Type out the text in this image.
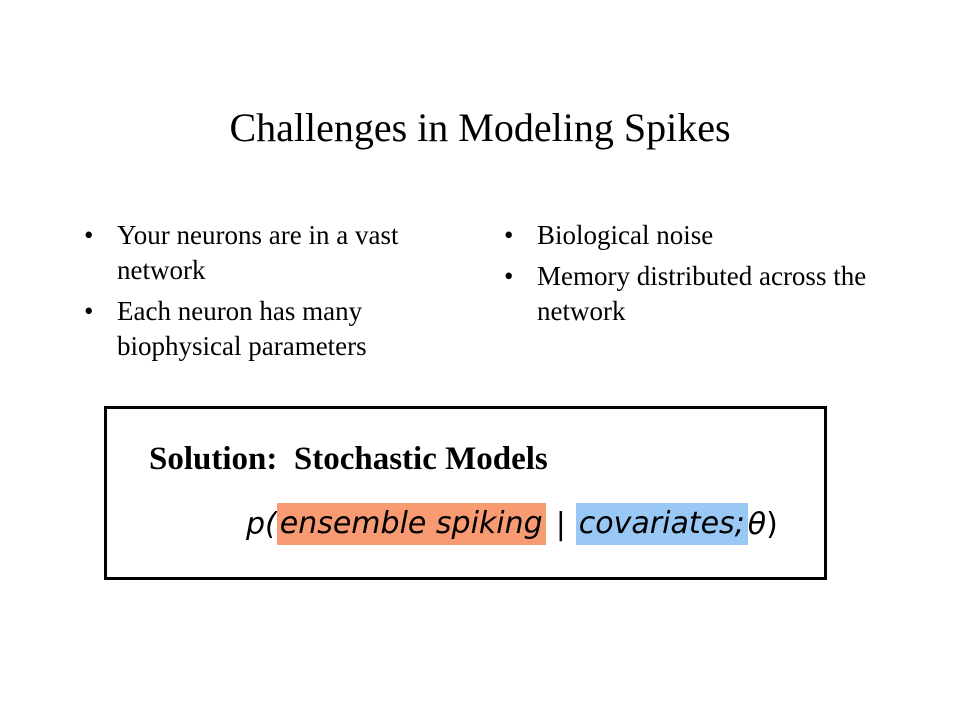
Challenges in Modeling Spikes
• Your neurons are in a vast network
• Each neuron has many biophysical parameters
• Biological noise
• Memory distributed across the network
Solution:  Stochastic Models
p( ensemble spiking | covariates; θ )
